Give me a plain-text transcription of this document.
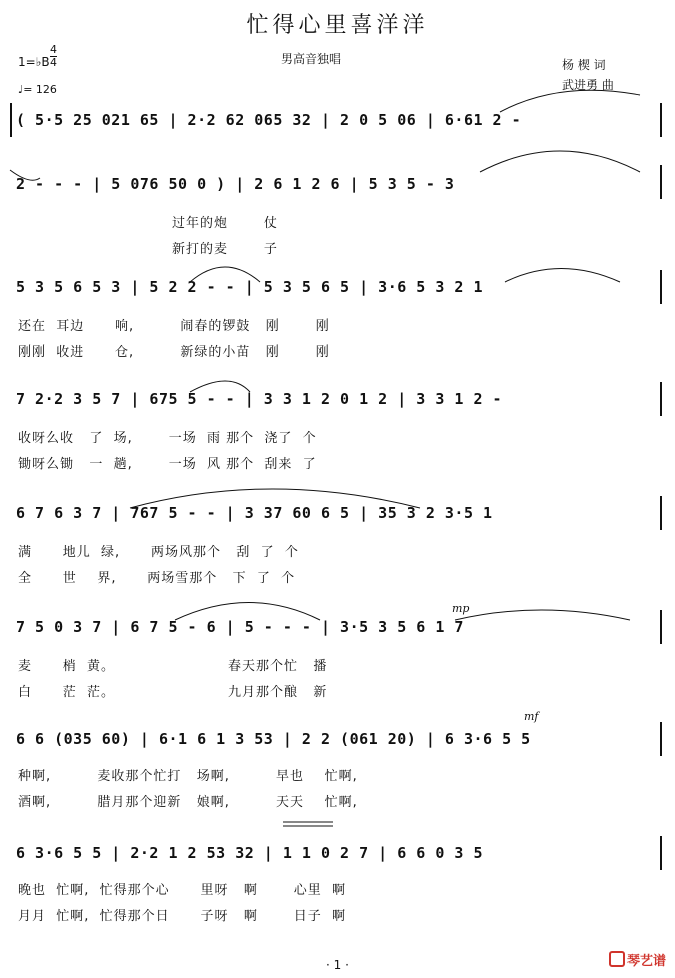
忙得心里喜洋洋
1=♭B
4
4
♩= 126
男高音独唱	杨 楔 词
武进勇 曲
( 5·5 25 021 65 | 2·2 62 065 32 | 2 0 5 06 | 6·61 2 -
2 - - - | 5 076 50 0 ) | 2 6 1 2 6 | 5 3 5 - 3
过年的炮       仗
新打的麦       子
5 3 5 6 5 3 | 5 2 2 - - | 5 3 5 6 5 | 3·6 5 3 2 1
还在  耳边      响,         闹春的锣鼓   刚       刚
刚刚  收进      仓,         新绿的小苗   刚       刚
7 2·2 3 5 7 | 675 5 - - | 3 3 1 2 0 1 2 | 3 3 1 2 -
收呀么收   了  场,       一场  雨 那个  浇了  个
锄呀么锄   一  趟,       一场  风 那个  刮来  了
6 7 6 3 7 | 767 5 - - | 3 37 60 6 5 | 35 3 2 3·5 1
满      地儿  绿,      两场风那个   刮  了  个
全      世    界,      两场雪那个   下  了  个
mp
7 5 0 3 7 | 6 7 5 - 6 | 5 - - - | 3·5 3 5 6 1 7
麦      梢  黄。                      春天那个忙   播
白      茫  茫。                      九月那个酿   新
mf
6 6 (035 60) | 6·1 6 1 3 53 | 2 2 (061 20) | 6 3·6 5 5
种啊,         麦收那个忙打   场啊,         早也    忙啊,
酒啊,         腊月那个迎新   娘啊,         天天    忙啊,
6 3·6 5 5 | 2·2 1 2 53 32 | 1 1 0 2 7 | 6 6 0 3 5
晚也  忙啊,  忙得那个心      里呀   啊       心里  啊
月月  忙啊,  忙得那个日      子呀   啊       日子  啊
· 1 ·	琴艺谱
